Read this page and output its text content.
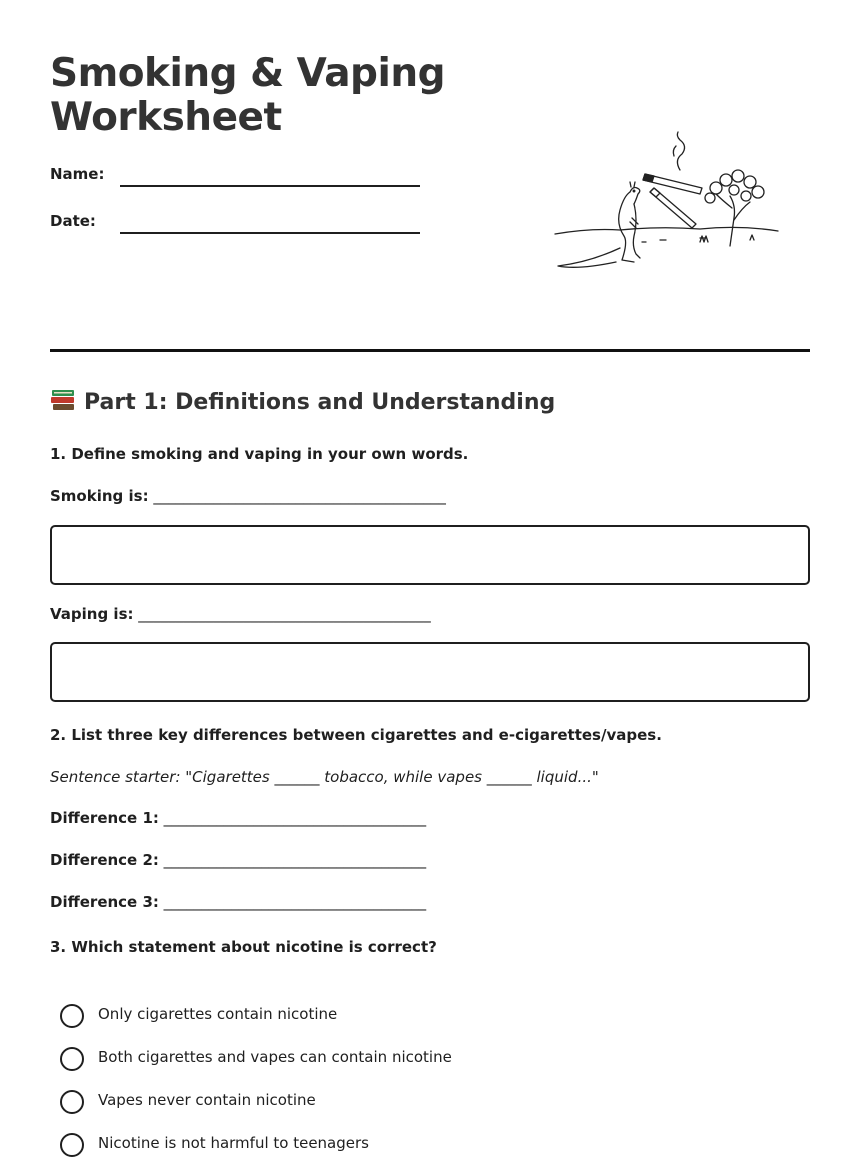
Smoking & Vaping
Worksheet
Name:
Date:
Part 1: Definitions and Understanding
1. Define smoking and vaping in your own words.
Smoking is: _______________________________________
Vaping is: _______________________________________
2. List three key differences between cigarettes and e-cigarettes/vapes.
Sentence starter: "Cigarettes ______ tobacco, while vapes ______ liquid..."
Difference 1: ___________________________________
Difference 2: ___________________________________
Difference 3: ___________________________________
3. Which statement about nicotine is correct?
Only cigarettes contain nicotine
Both cigarettes and vapes can contain nicotine
Vapes never contain nicotine
Nicotine is not harmful to teenagers
